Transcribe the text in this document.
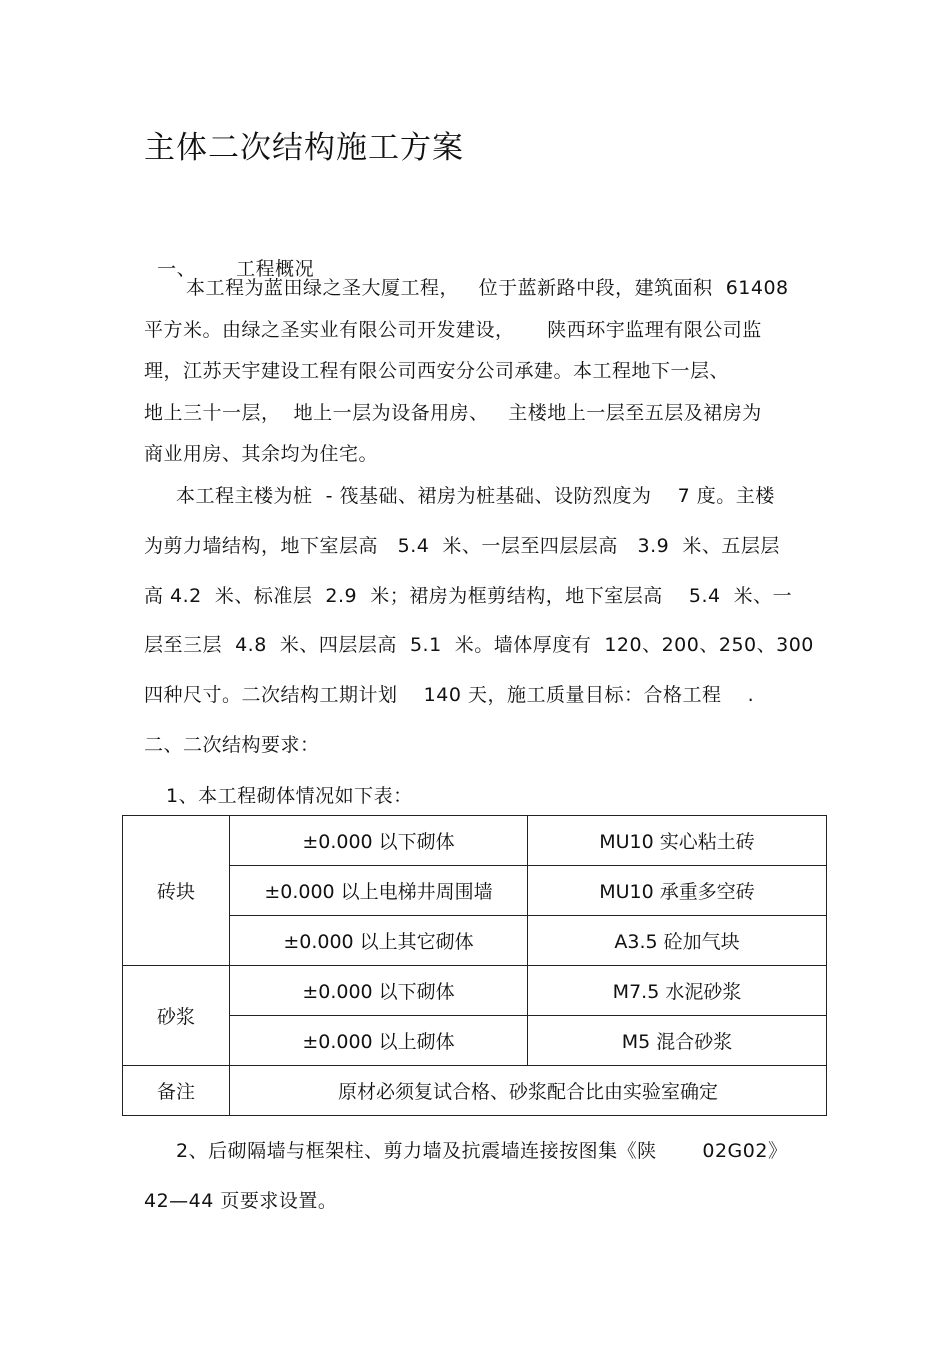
主体二次结构施工方案

一、 工程概况

本工程为蓝田绿之圣大厦工程，   位于蓝新路中段，建筑面积  61408
平方米。由绿之圣实业有限公司开发建设，     陕西环宇监理有限公司监
理，江苏天宇建设工程有限公司西安分公司承建。本工程地下一层、
地上三十一层，  地上一层为设备用房、   主楼地上一层至五层及裙房为
商业用房、其余均为住宅。
本工程主楼为桩  - 筏基础、裙房为桩基础、设防烈度为    7 度。主楼
为剪力墙结构，地下室层高   5.4  米、一层至四层层高   3.9  米、五层层
高 4.2  米、标准层  2.9  米；裙房为框剪结构，地下室层高    5.4  米、一
层至三层  4.8  米、四层层高  5.1  米。墙体厚度有  120、200、250、300
四种尺寸。二次结构工期计划    140 天，施工质量目标：合格工程    .
二、二次结构要求：
1、本工程砌体情况如下表：
砖块	±0.000 以下砌体	MU10 实心粘土砖
	±0.000 以上电梯井周围墙	MU10 承重多空砖
	±0.000 以上其它砌体	A3.5 砼加气块
砂浆	±0.000 以下砌体	M7.5 水泥砂浆
	±0.000 以上砌体	M5 混合砂浆
备注	原材必须复试合格、砂浆配合比由实验室确定	
2、后砌隔墙与框架柱、剪力墙及抗震墙连接按图集《陕       02G02》
42—44 页要求设置。
